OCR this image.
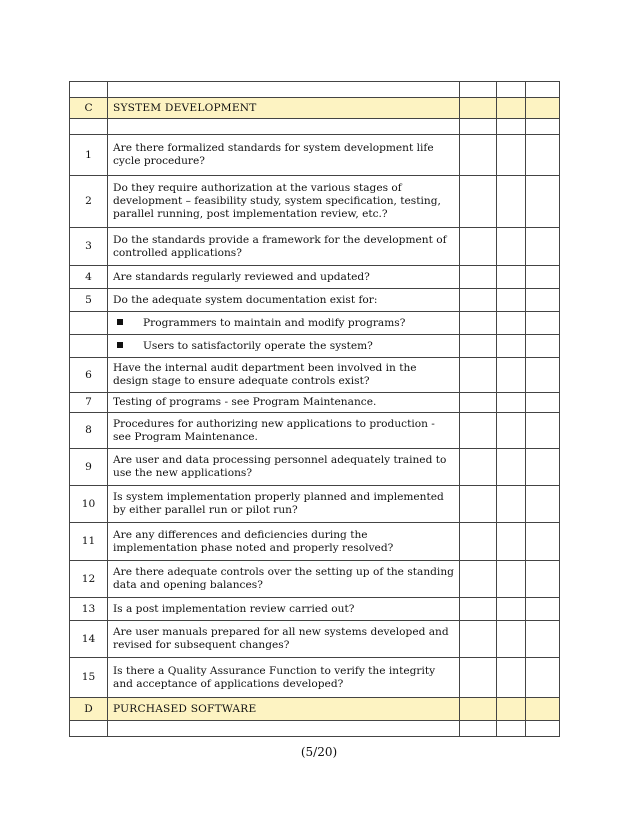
C	SYSTEM DEVELOPMENT			

1	Are there formalized standards for system development life cycle procedure?			
2	Do they require authorization at the various stages of development – feasibility study, system specification, testing, parallel running, post implementation review, etc.?			
3	Do the standards provide a framework for the development of controlled applications?			
4	Are standards regularly reviewed and updated?			
5	Do the adequate system documentation exist for:			
	Programmers to maintain and modify programs?			
	Users to satisfactorily operate the system?			
6	Have the internal audit department been involved in the design stage to ensure adequate controls exist?			
7	Testing of programs - see Program Maintenance.			
8	Procedures for authorizing new applications to production - see Program Maintenance.			
9	Are user and data processing personnel adequately trained to use the new applications?			
10	Is system implementation properly planned and implemented by either parallel run or pilot run?			
11	Are any differences and deficiencies during the implementation phase noted and properly resolved?			
12	Are there adequate controls over the setting up of the standing data and opening balances?			
13	Is a post implementation review carried out?			
14	Are user manuals prepared for all new systems developed and revised for subsequent changes?			
15	Is there a Quality Assurance Function to verify the integrity and acceptance of applications developed?			
D	PURCHASED SOFTWARE			

(5/20)
